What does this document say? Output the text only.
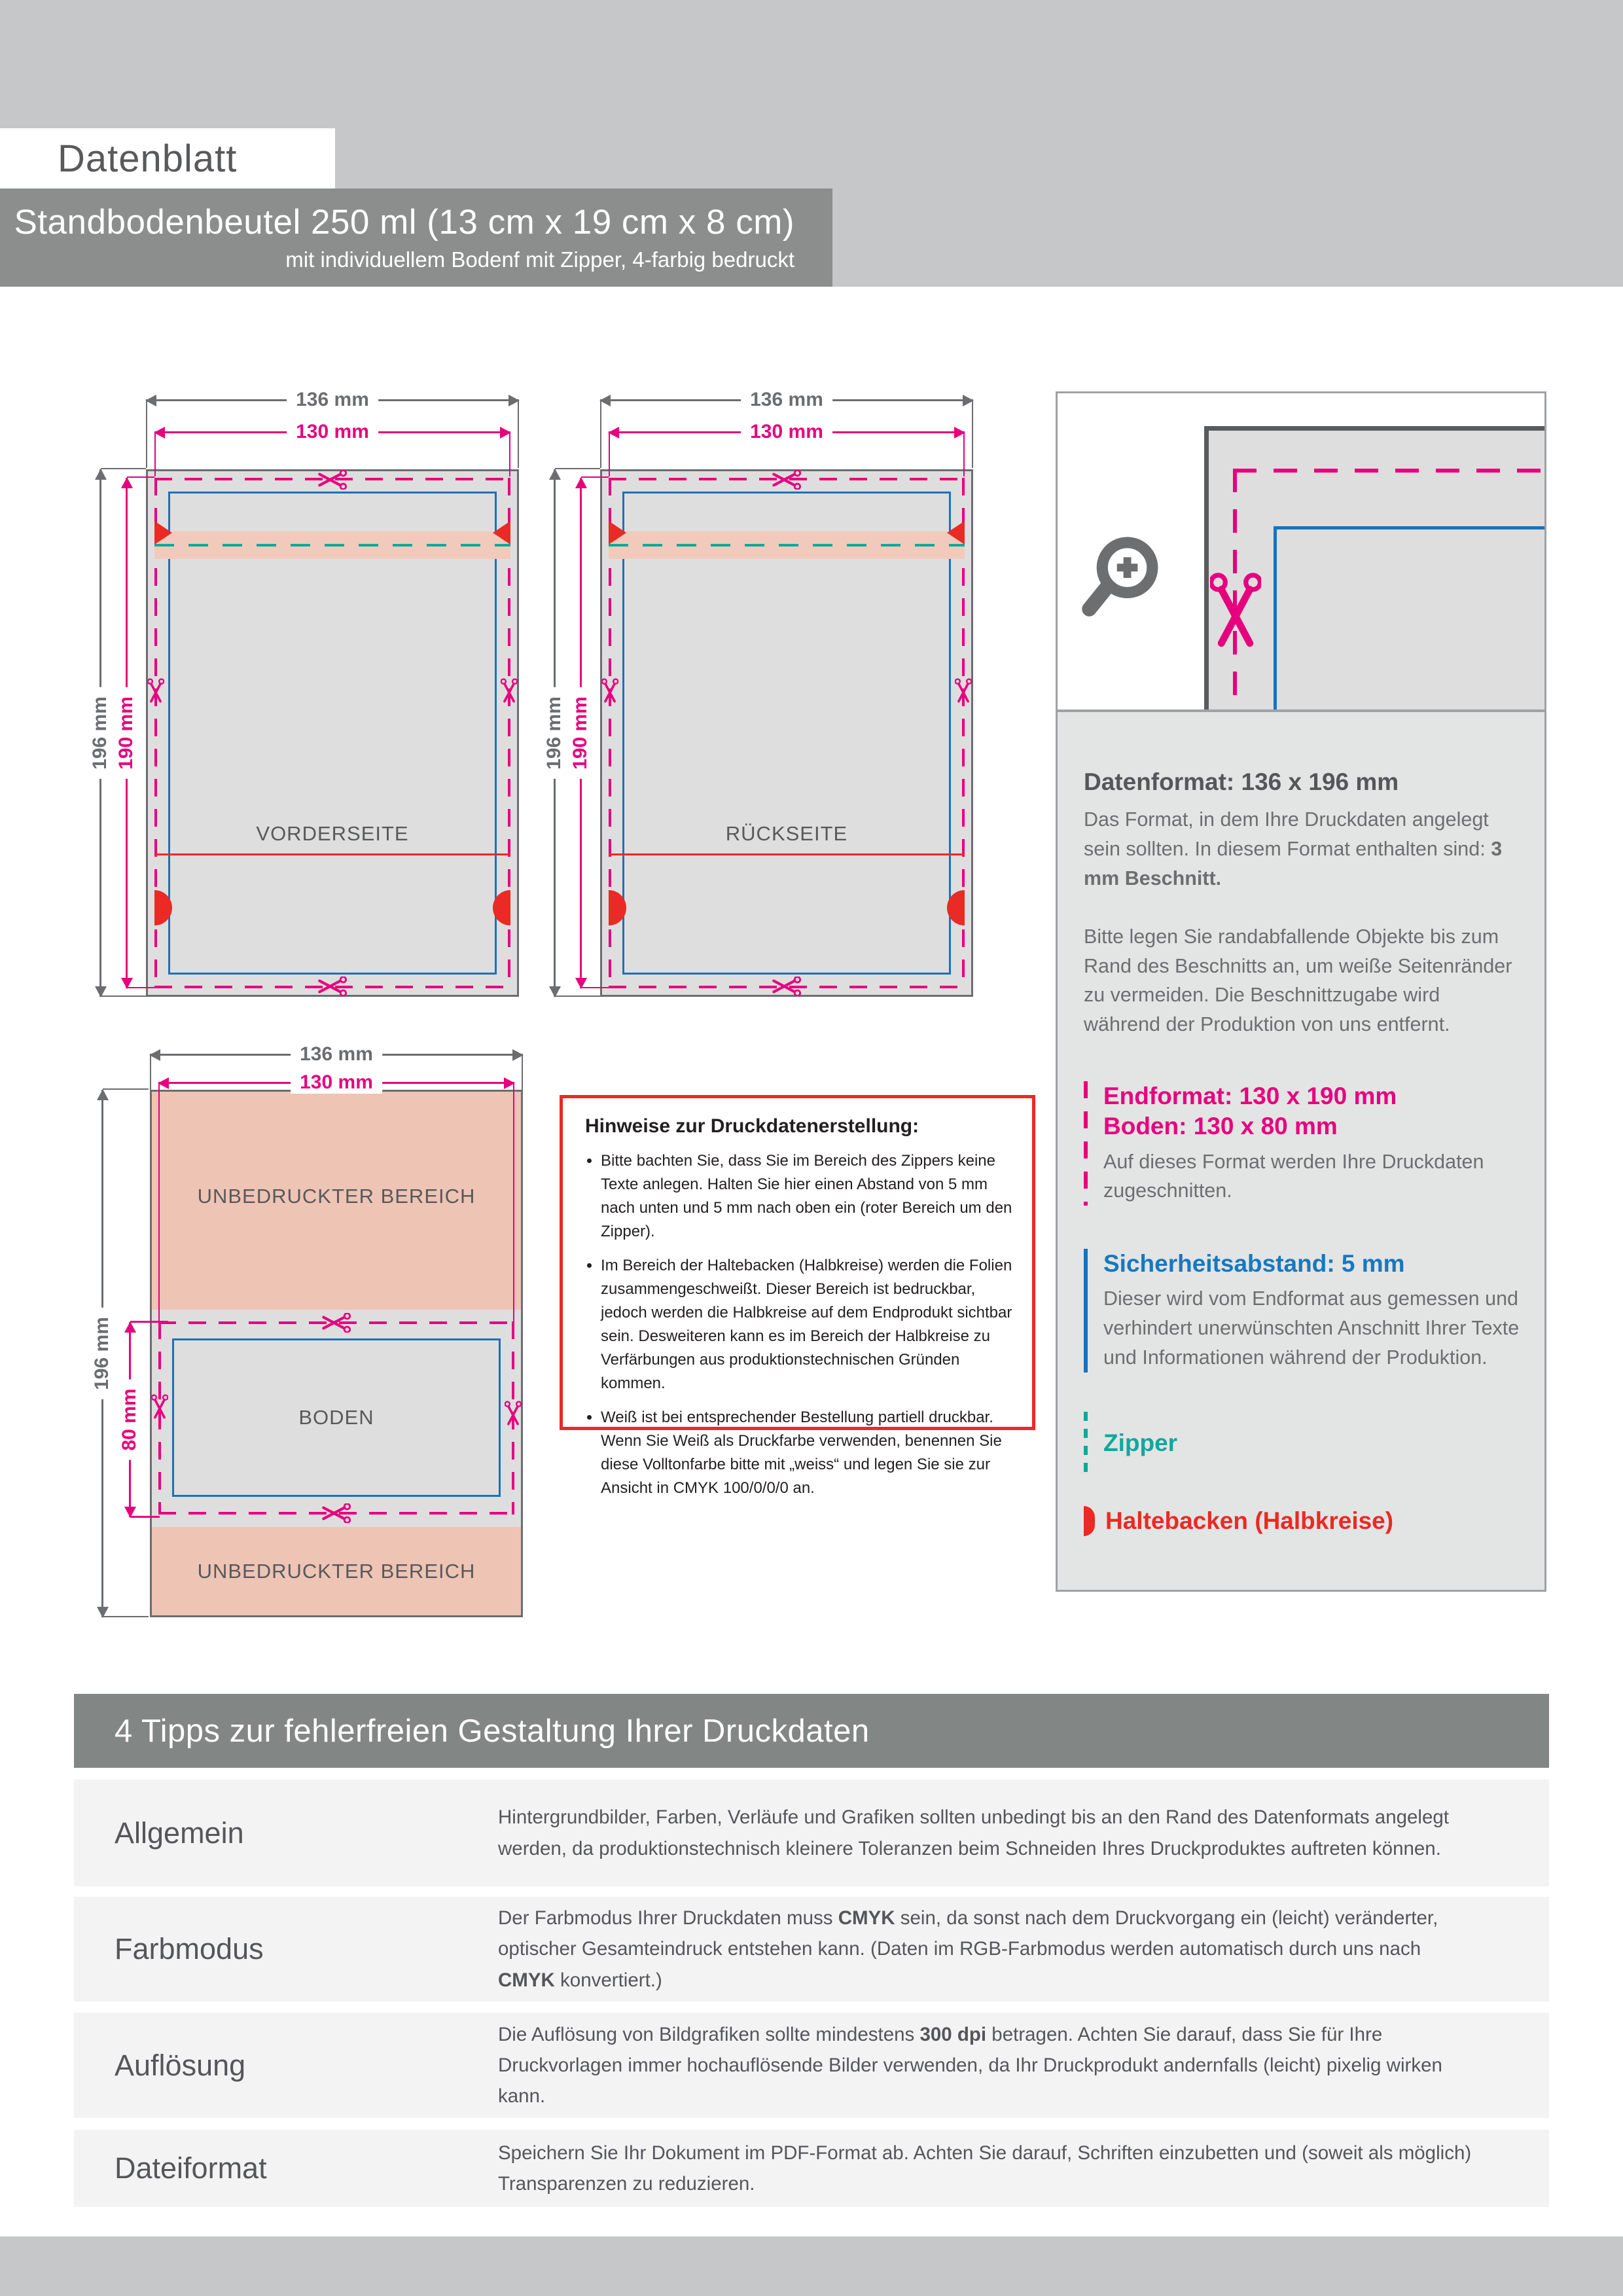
Datenblatt
Standbodenbeutel 250 ml (13 cm x 19 cm x 8 cm)
mit individuellem Bodenf mit Zipper, 4-farbig bedruckt
VORDERSEITE
136 mm
130 mm
196 mm 190 mm
RÜCKSEITE
136 mm
130 mm
196 mm 190 mm
UNBEDRUCKTER BEREICH
UNBEDRUCKTER BEREICH
BODEN
136 mm
130 mm
196 mm
80 mm
Hinweise zur Druckdatenerstellung:
• Bitte bachten Sie, dass Sie im Bereich des Zippers keine Texte anlegen. Halten Sie hier einen Abstand von 5 mm nach unten und 5 mm nach oben ein (roter Bereich um den Zipper).
• Im Bereich der Haltebacken (Halbkreise) werden die Folien zusammengeschweißt. Dieser Bereich ist bedruckbar, jedoch werden die Halbkreise auf dem Endprodukt sichtbar sein. Desweiteren kann es im Bereich der Halbkreise zu Verfärbungen aus produktionstechnischen Gründen kommen.
• Weiß ist bei entsprechender Bestellung partiell druckbar. Wenn Sie Weiß als Druckfarbe verwenden, benennen Sie diese Volltonfarbe bitte mit „weiss“ und legen Sie sie zur Ansicht in CMYK 100/0/0/0 an.
Datenformat: 136 x 196 mm

Das Format, in dem Ihre Druckdaten angelegt sein sollten. In diesem Format enthalten sind: 3 mm Beschnitt.

Bitte legen Sie randabfallende Objekte bis zum Rand des Beschnitts an, um weiße Seitenränder zu vermeiden. Die Beschnittzugabe wird während der Produktion von uns entfernt.

Endformat: 130 x 190 mm
Boden: 130 x 80 mm

Auf dieses Format werden Ihre Druckdaten zugeschnitten.

Sicherheitsabstand: 5 mm

Dieser wird vom Endformat aus gemessen und verhindert unerwünschten Anschnitt Ihrer Texte und Informationen während der Produktion.

Zipper
Haltebacken (Halbkreise)
4 Tipps zur fehlerfreien Gestaltung Ihrer Druckdaten
Allgemein	Hintergrundbilder, Farben, Verläufe und Grafiken sollten unbedingt bis an den Rand des Datenformats angelegt werden, da produktionstechnisch kleinere Toleranzen beim Schneiden Ihres Druckproduktes auftreten können.
Farbmodus
Der Farbmodus Ihrer Druckdaten muss CMYK sein, da sonst nach dem Druckvorgang ein (leicht) veränderter, optischer Gesamteindruck entstehen kann. (Daten im RGB-Farbmodus werden automatisch durch uns nach CMYK konvertiert.)
Auflösung
Die Auflösung von Bildgrafiken sollte mindestens 300 dpi betragen. Achten Sie darauf, dass Sie für Ihre Druckvorlagen immer hochauflösende Bilder verwenden, da Ihr Druckprodukt andernfalls (leicht) pixelig wirken kann.
Dateiformat	Speichern Sie Ihr Dokument im PDF-Format ab. Achten Sie darauf, Schriften einzubetten und (soweit als möglich) Transparenzen zu reduzieren.
